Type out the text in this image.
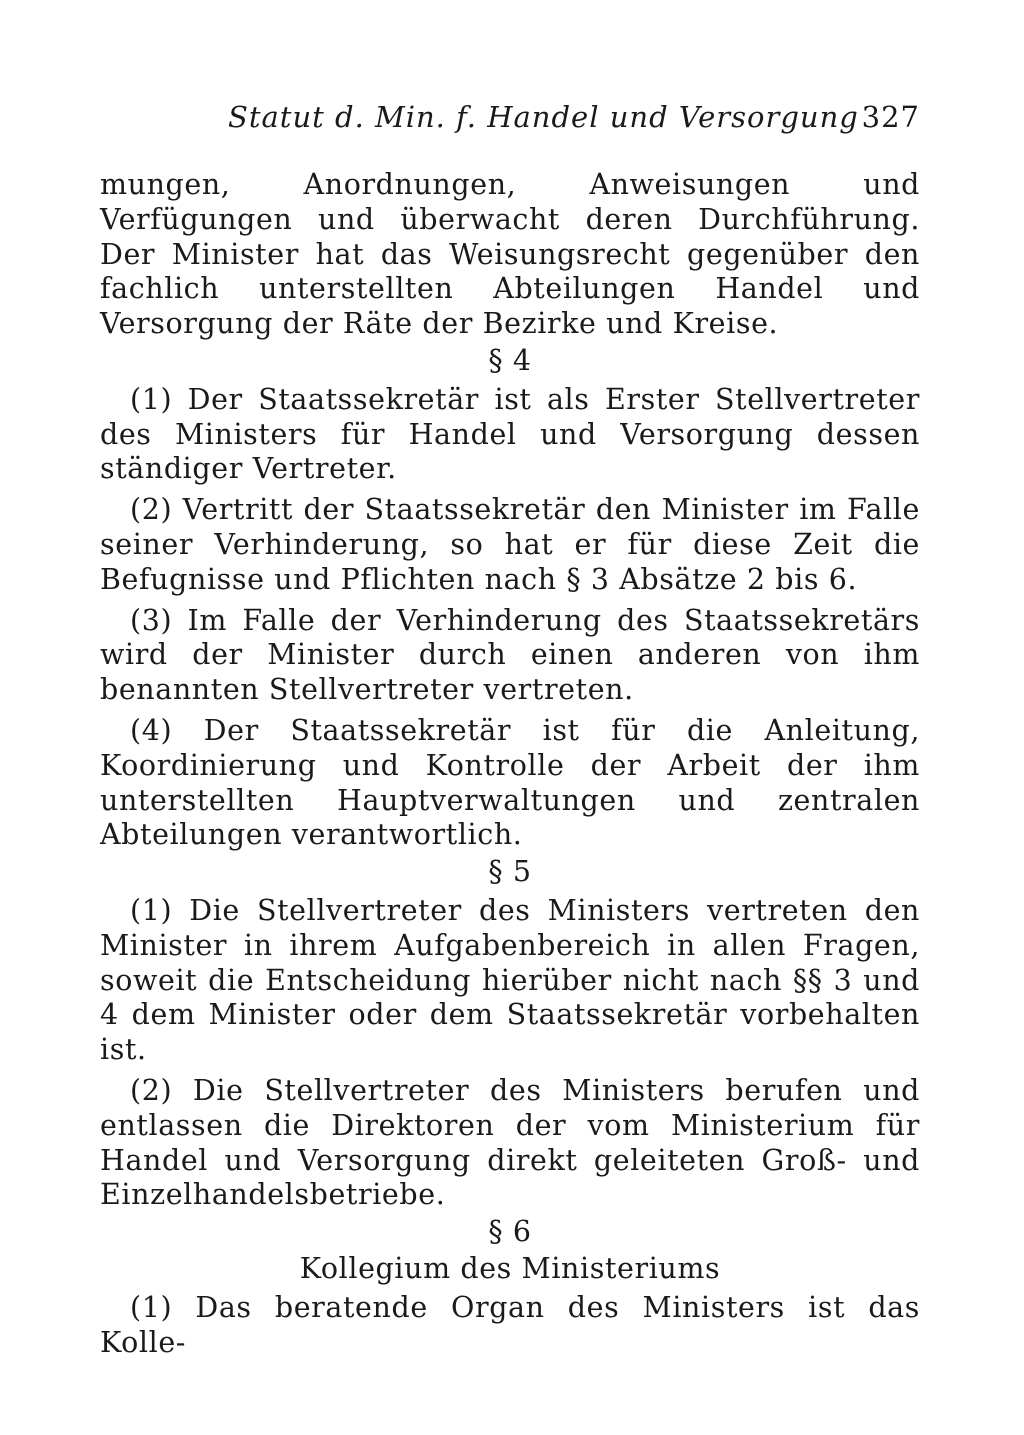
Statut d. Min. f. Handel und Versorgung 327

mungen, Anordnungen, Anweisungen und Verfügungen und überwacht deren Durchführung. Der Minister hat das Weisungsrecht gegenüber den fachlich unterstellten Abteilungen Handel und Versorgung der Räte der Bezirke und Kreise.

§ 4

(1) Der Staatssekretär ist als Erster Stellvertreter des Ministers für Handel und Versorgung dessen ständiger Vertreter.

(2) Vertritt der Staatssekretär den Minister im Falle seiner Verhinderung, so hat er für diese Zeit die Befugnisse und Pflichten nach § 3 Absätze 2 bis 6.

(3) Im Falle der Verhinderung des Staatssekretärs wird der Minister durch einen anderen von ihm benannten Stellvertreter vertreten.

(4) Der Staatssekretär ist für die Anleitung, Koordinierung und Kontrolle der Arbeit der ihm unterstellten Hauptverwaltungen und zentralen Abteilungen verantwortlich.

§ 5

(1) Die Stellvertreter des Ministers vertreten den Minister in ihrem Aufgabenbereich in allen Fragen, soweit die Entscheidung hierüber nicht nach §§ 3 und 4 dem Minister oder dem Staatssekretär vorbehalten ist.

(2) Die Stellvertreter des Ministers berufen und entlassen die Direktoren der vom Ministerium für Handel und Versorgung direkt geleiteten Groß- und Einzelhandelsbetriebe.

§ 6

Kollegium des Ministeriums

(1) Das beratende Organ des Ministers ist das Kolle-
